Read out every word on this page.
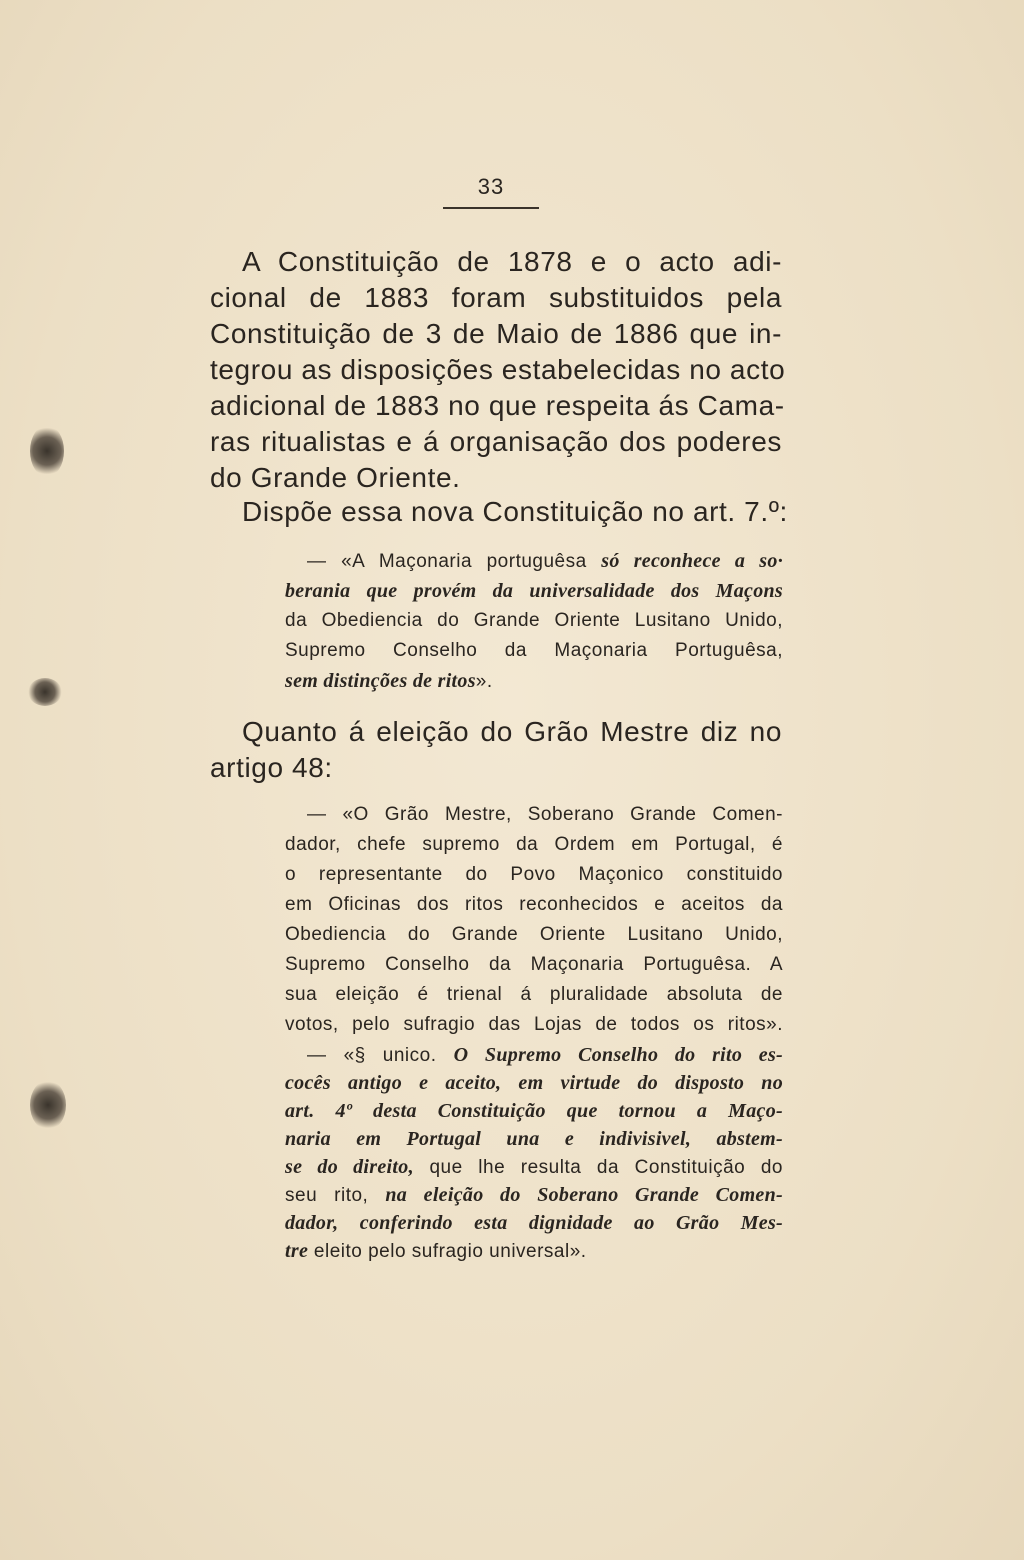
33
A Constituição de 1878 e o acto adi-
cional de 1883 foram substituidos pela
Constituição de 3 de Maio de 1886 que in-
tegrou as disposições estabelecidas no acto
adicional de 1883 no que respeita ás Cama-
ras ritualistas e á organisação dos poderes
do Grande Oriente.
Dispõe essa nova Constituição no art. 7.º:
— «A Maçonaria portuguêsa só reconhece a so·
berania que provém da universalidade dos Maçons
da Obediencia do Grande Oriente Lusitano Unido,
Supremo Conselho da Maçonaria Portuguêsa,
sem distinções de ritos».
Quanto á eleição do Grão Mestre diz no
artigo 48:
— «O Grão Mestre, Soberano Grande Comen-
dador, chefe supremo da Ordem em Portugal, é
o representante do Povo Maçonico constituido
em Oficinas dos ritos reconhecidos e aceitos da
Obediencia do Grande Oriente Lusitano Unido,
Supremo Conselho da Maçonaria Portuguêsa. A
sua eleição é trienal á pluralidade absoluta de
votos, pelo sufragio das Lojas de todos os ritos».
— «§ unico. O Supremo Conselho do rito es-
cocês antigo e aceito, em virtude do disposto no
art. 4º desta Constituição que tornou a Maço-
naria em Portugal una e indivisivel, abstem-
se do direito, que lhe resulta da Constituição do
seu rito, na eleição do Soberano Grande Comen-
dador, conferindo esta dignidade ao Grão Mes-
tre eleito pelo sufragio universal».
